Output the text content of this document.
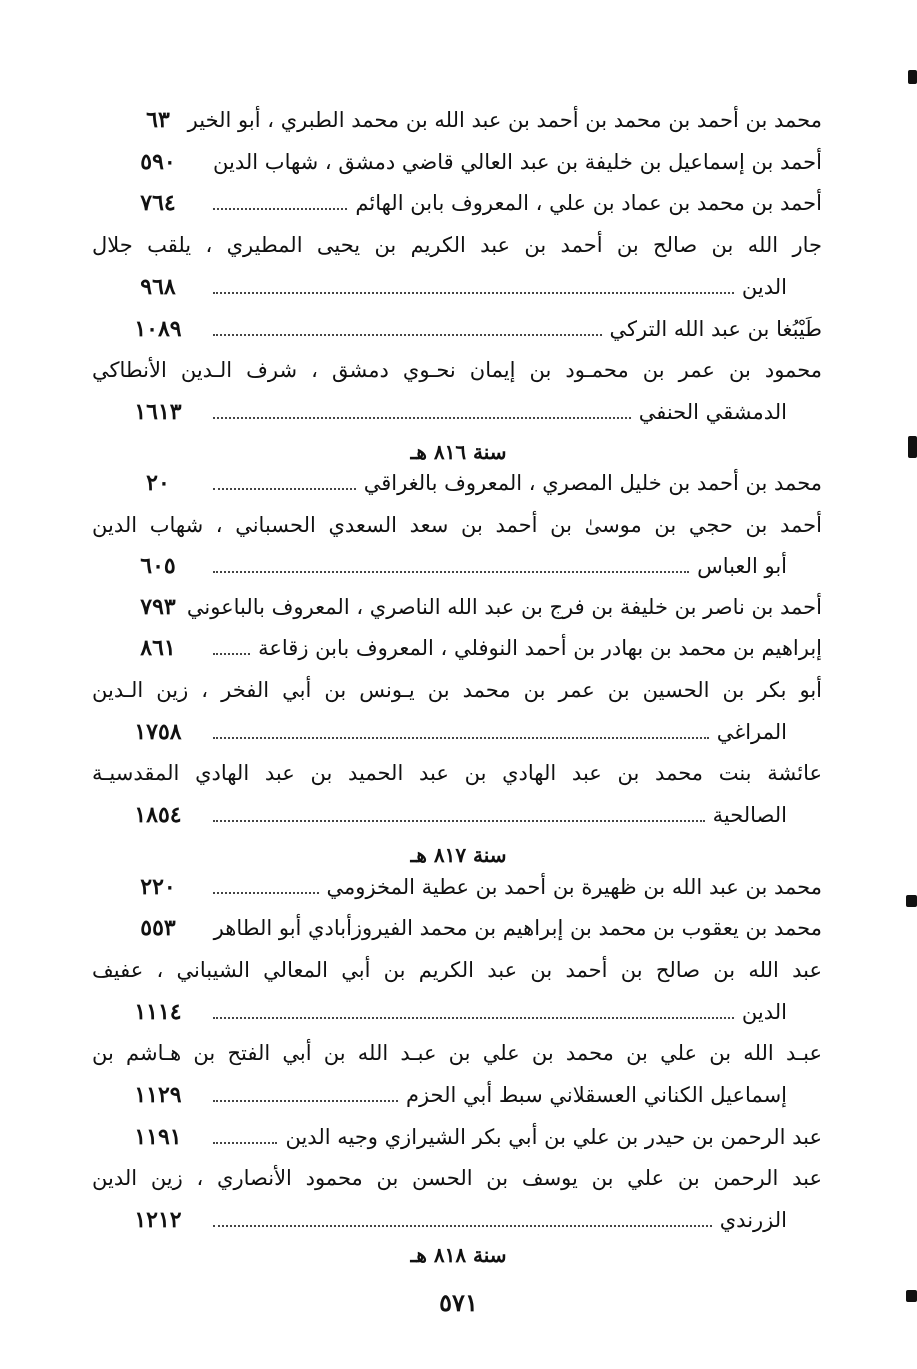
محمد بن أحمد بن محمد بن أحمد بن عبد الله بن محمد الطبري ، أبو الخير
٦٣
أحمد بن إسماعيل بن خليفة بن عبد العالي قاضي دمشق ، شهاب الدين
٥٩٠
أحمد بن محمد بن عماد بن علي ، المعروف بابن الهائم
٧٦٤
جار الله بن صالح بن أحمد بن عبد الكريم بن يحيى المطيري ، يلقب جلال
الدين
٩٦٨
طَيْبُغا بن عبد الله التركي
١٠٨٩
محمود بن عمر بن محمـود بن إيمان نحـوي دمشق ، شرف الـدين الأنطاكي
الدمشقي الحنفي
١٦١٣
سنة ٨١٦ هـ
محمد بن أحمد بن خليل المصري ، المعروف بالغراقي
٢٠
أحمد بن حجي بن موسىٰ بن أحمد بن سعد السعدي الحسباني ، شهاب الدين
أبو العباس
٦٠٥
أحمد بن ناصر بن خليفة بن فرج بن عبد الله الناصري ، المعروف بالباعوني
٧٩٣
إبراهيم بن محمد بن بهادر بن أحمد النوفلي ، المعروف بابن زقاعة
٨٦١
أبو بكر بن الحسين بن عمر بن محمد بن يـونس بن أبي الفخر ، زين الـدين
المراغي
١٧٥٨
عائشة بنت محمد بن عبد الهادي بن عبد الحميد بن عبد الهادي المقدسيـة
الصالحية
١٨٥٤
سنة ٨١٧ هـ
محمد بن عبد الله بن ظهيرة بن أحمد بن عطية المخزومي
٢٢٠
محمد بن يعقوب بن محمد بن إبراهيم بن محمد الفيروزأبادي أبو الطاهر
٥٥٣
عبد الله بن صالح بن أحمد بن عبد الكريم بن أبي المعالي الشيباني ، عفيف
الدين
١١١٤
عبـد الله بن علي بن محمد بن علي بن عبـد الله بن أبي الفتح بن هـاشم بن
إسماعيل الكناني العسقلاني سبط أبي الحزم
١١٢٩
عبد الرحمن بن حيدر بن علي بن أبي بكر الشيرازي وجيه الدين
١١٩١
عبد الرحمن بن علي بن يوسف بن الحسن بن محمود الأنصاري ، زين الدين
الزرندي
١٢١٢
سنة ٨١٨ هـ
٥٧١
